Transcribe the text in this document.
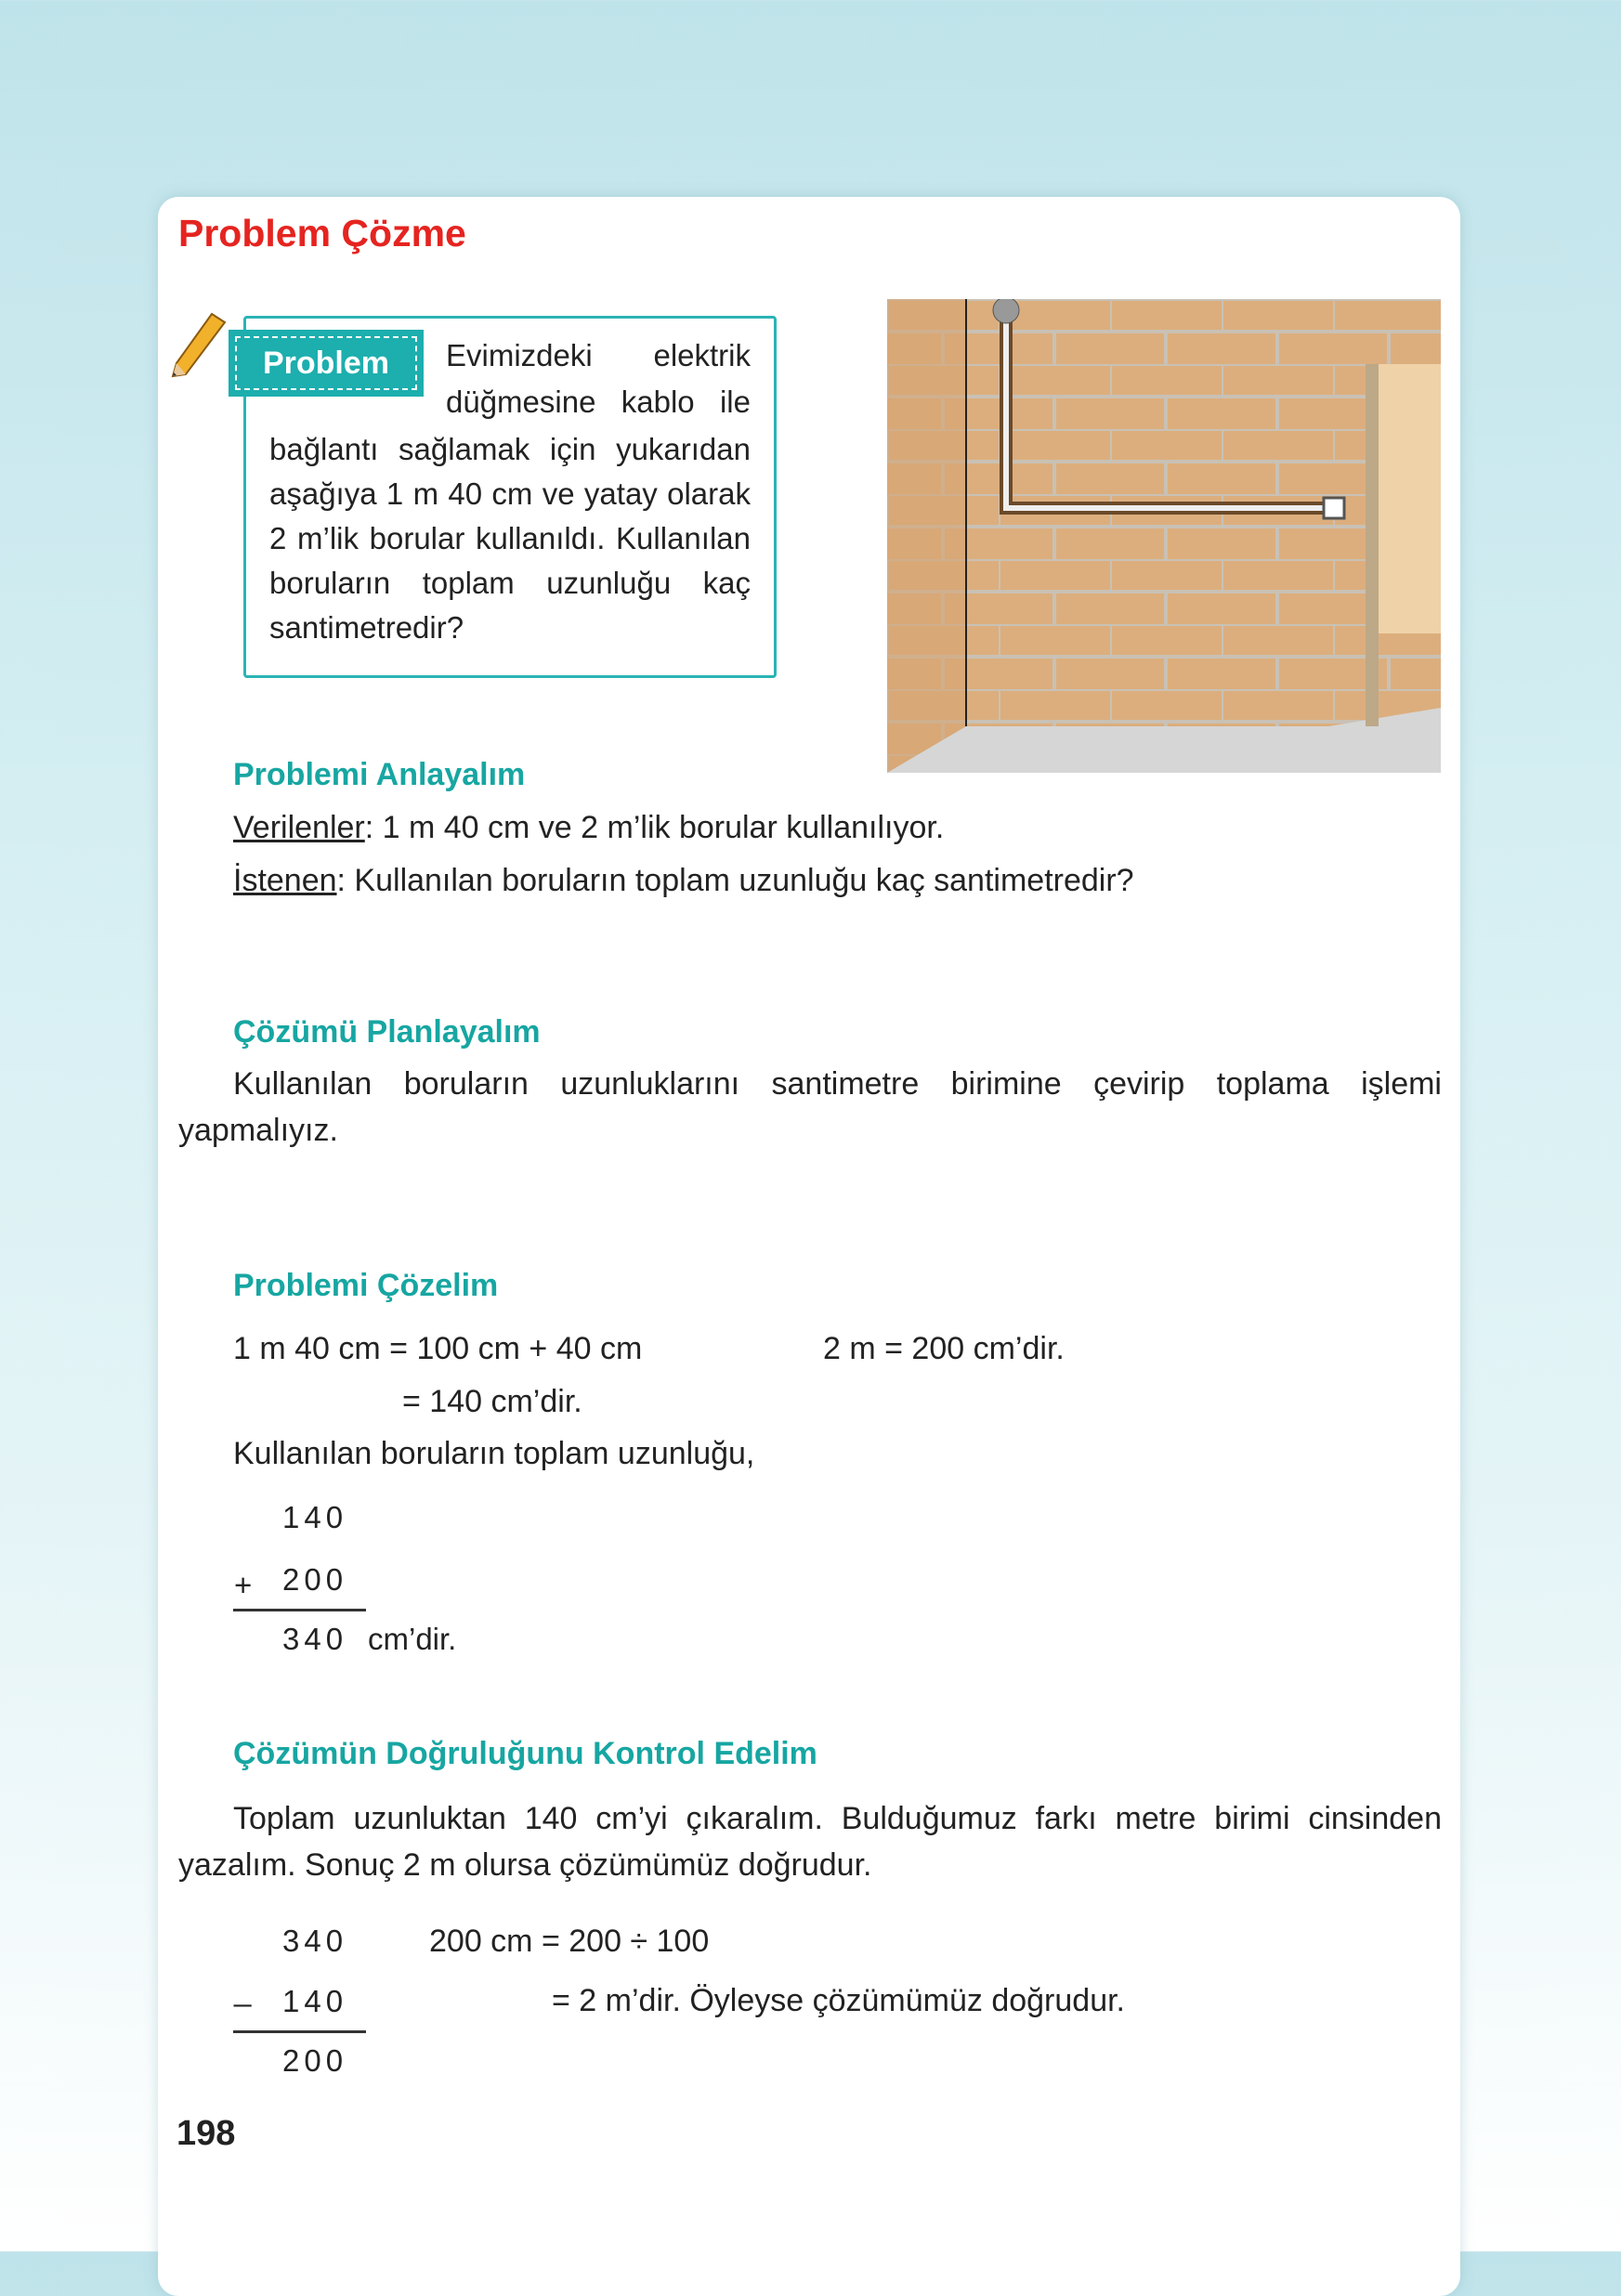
Problem Çözme
Problem	Evimizdeki elektrik
düğmesine kablo ile
bağlantı sağlamak için yukarıdan aşağıya 1 m 40 cm ve yatay olarak 2 m’lik borular kullanıldı. Kullanılan boruların toplam uzunluğu kaç santimetredir?
Problemi Anlayalım
Verilenler: 1 m 40 cm ve 2 m’lik borular kullanılıyor.
İstenen: Kullanılan boruların toplam uzunluğu kaç santimetredir?
Çözümü Planlayalım
Kullanılan boruların uzunluklarını santimetre birimine çevirip toplama işlemi yapmalıyız.
Problemi Çözelim
1 m 40 cm = 100 cm + 40 cm
= 140 cm’dir.
2 m = 200 cm’dir.
Kullanılan boruların toplam uzunluğu,
140
+ 200
340 cm’dir.
Çözümün Doğruluğunu Kontrol Edelim
Toplam uzunluktan 140 cm’yi çıkaralım. Bulduğumuz farkı metre birimi cinsinden yazalım. Sonuç 2 m olursa çözümümüz doğrudur.
340
_ 140
200
200 cm = 200 ÷ 100
= 2 m’dir. Öyleyse çözümümüz doğrudur.
198
